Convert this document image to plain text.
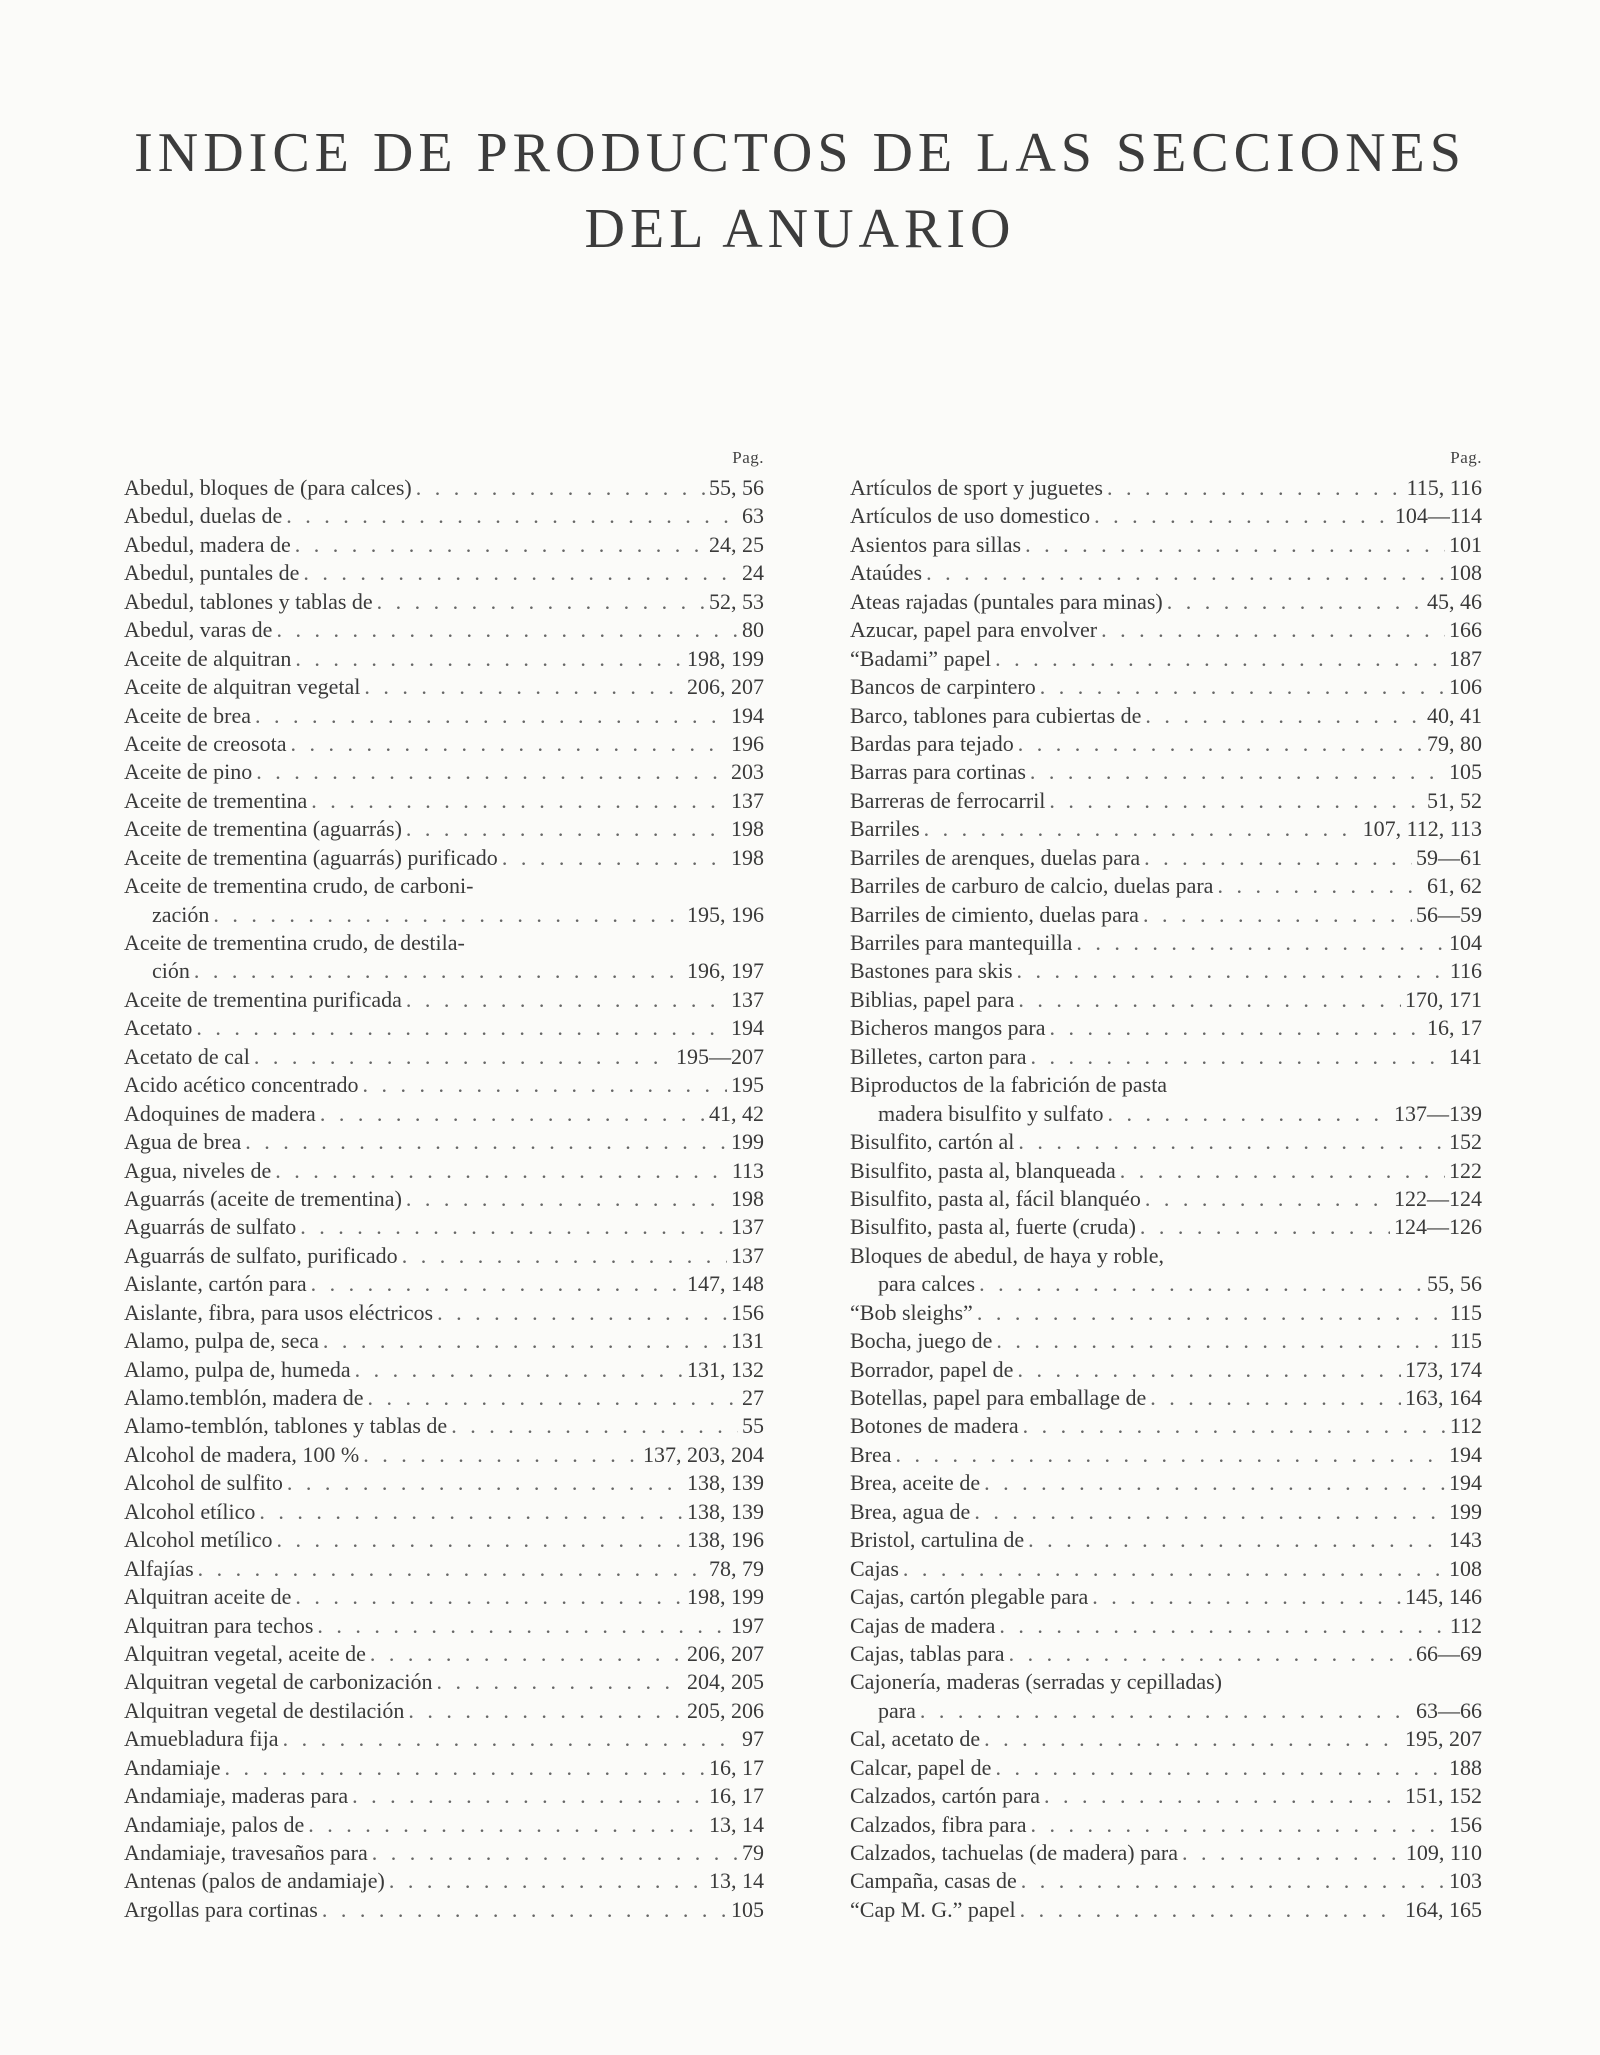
INDICE DE PRODUCTOS DE LAS SECCIONES
DEL ANUARIO
Pag.
Abedul, bloques de (para calces) . . .	55, 56
Abedul, duelas de . . .	63
Abedul, madera de . . .	24, 25
Abedul, puntales de . . .	24
Abedul, tablones y tablas de . . .	52, 53
Abedul, varas de . . .	80
Aceite de alquitran . . .	198, 199
Aceite de alquitran vegetal . . .	206, 207
Aceite de brea . . .	194
Aceite de creosota . . .	196
Aceite de pino . . .	203
Aceite de trementina . . .	137
Aceite de trementina (aguarrás) . . .	198
Aceite de trementina (aguarrás) purificado . . .	198
Aceite de trementina crudo, de carboni-
zación . . .	195, 196
Aceite de trementina crudo, de destila-
ción . . .	196, 197
Aceite de trementina purificada . . .	137
Acetato . . .	194
Acetato de cal . . .	195—207
Acido acético concentrado . . .	195
Adoquines de madera . . .	41, 42
Agua de brea . . .	199
Agua, niveles de . . .	113
Aguarrás (aceite de trementina) . . .	198
Aguarrás de sulfato . . .	137
Aguarrás de sulfato, purificado . . .	137
Aislante, cartón para . . .	147, 148
Aislante, fibra, para usos eléctricos . . .	156
Alamo, pulpa de, seca . . .	131
Alamo, pulpa de, humeda . . .	131, 132
Alamo.temblón, madera de . . .	27
Alamo-temblón, tablones y tablas de . . .	55
Alcohol de madera, 100 % . . .	137, 203, 204
Alcohol de sulfito . . .	138, 139
Alcohol etílico . . .	138, 139
Alcohol metílico . . .	138, 196
Alfajías . . .	78, 79
Alquitran aceite de . . .	198, 199
Alquitran para techos . . .	197
Alquitran vegetal, aceite de . . .	206, 207
Alquitran vegetal de carbonización . . .	204, 205
Alquitran vegetal de destilación . . .	205, 206
Amuebladura fija . . .	97
Andamiaje . . .	16, 17
Andamiaje, maderas para . . .	16, 17
Andamiaje, palos de . . .	13, 14
Andamiaje, travesaños para . . .	79
Antenas (palos de andamiaje) . . .	13, 14
Argollas para cortinas . . .	105
Pag.
Artículos de sport y juguetes . . .	115, 116
Artículos de uso domestico . . .	104—114
Asientos para sillas . . .	101
Ataúdes . . .	108
Ateas rajadas (puntales para minas) . . .	45, 46
Azucar, papel para envolver . . .	166
“Badami” papel . . .	187
Bancos de carpintero . . .	106
Barco, tablones para cubiertas de . . .	40, 41
Bardas para tejado . . .	79, 80
Barras para cortinas . . .	105
Barreras de ferrocarril . . .	51, 52
Barriles . . .	107, 112, 113
Barriles de arenques, duelas para . . .	59—61
Barriles de carburo de calcio, duelas para . . .	61, 62
Barriles de cimiento, duelas para . . .	56—59
Barriles para mantequilla . . .	104
Bastones para skis . . .	116
Biblias, papel para . . .	170, 171
Bicheros mangos para . . .	16, 17
Billetes, carton para . . .	141
Biproductos de la fabrición de pasta
madera bisulfito y sulfato . . .	137—139
Bisulfito, cartón al . . .	152
Bisulfito, pasta al, blanqueada . . .	122
Bisulfito, pasta al, fácil blanquéo . . .	122—124
Bisulfito, pasta al, fuerte (cruda) . . .	124—126
Bloques de abedul, de haya y roble,
para calces . . .	55, 56
“Bob sleighs” . . .	115
Bocha, juego de . . .	115
Borrador, papel de . . .	173, 174
Botellas, papel para emballage de . . .	163, 164
Botones de madera . . .	112
Brea . . .	194
Brea, aceite de . . .	194
Brea, agua de . . .	199
Bristol, cartulina de . . .	143
Cajas . . .	108
Cajas, cartón plegable para . . .	145, 146
Cajas de madera . . .	112
Cajas, tablas para . . .	66—69
Cajonería, maderas (serradas y cepilladas)
para . . .	63—66
Cal, acetato de . . .	195, 207
Calcar, papel de . . .	188
Calzados, cartón para . . .	151, 152
Calzados, fibra para . . .	156
Calzados, tachuelas (de madera) para . . .	109, 110
Campaña, casas de . . .	103
“Cap M. G.” papel . . .	164, 165
